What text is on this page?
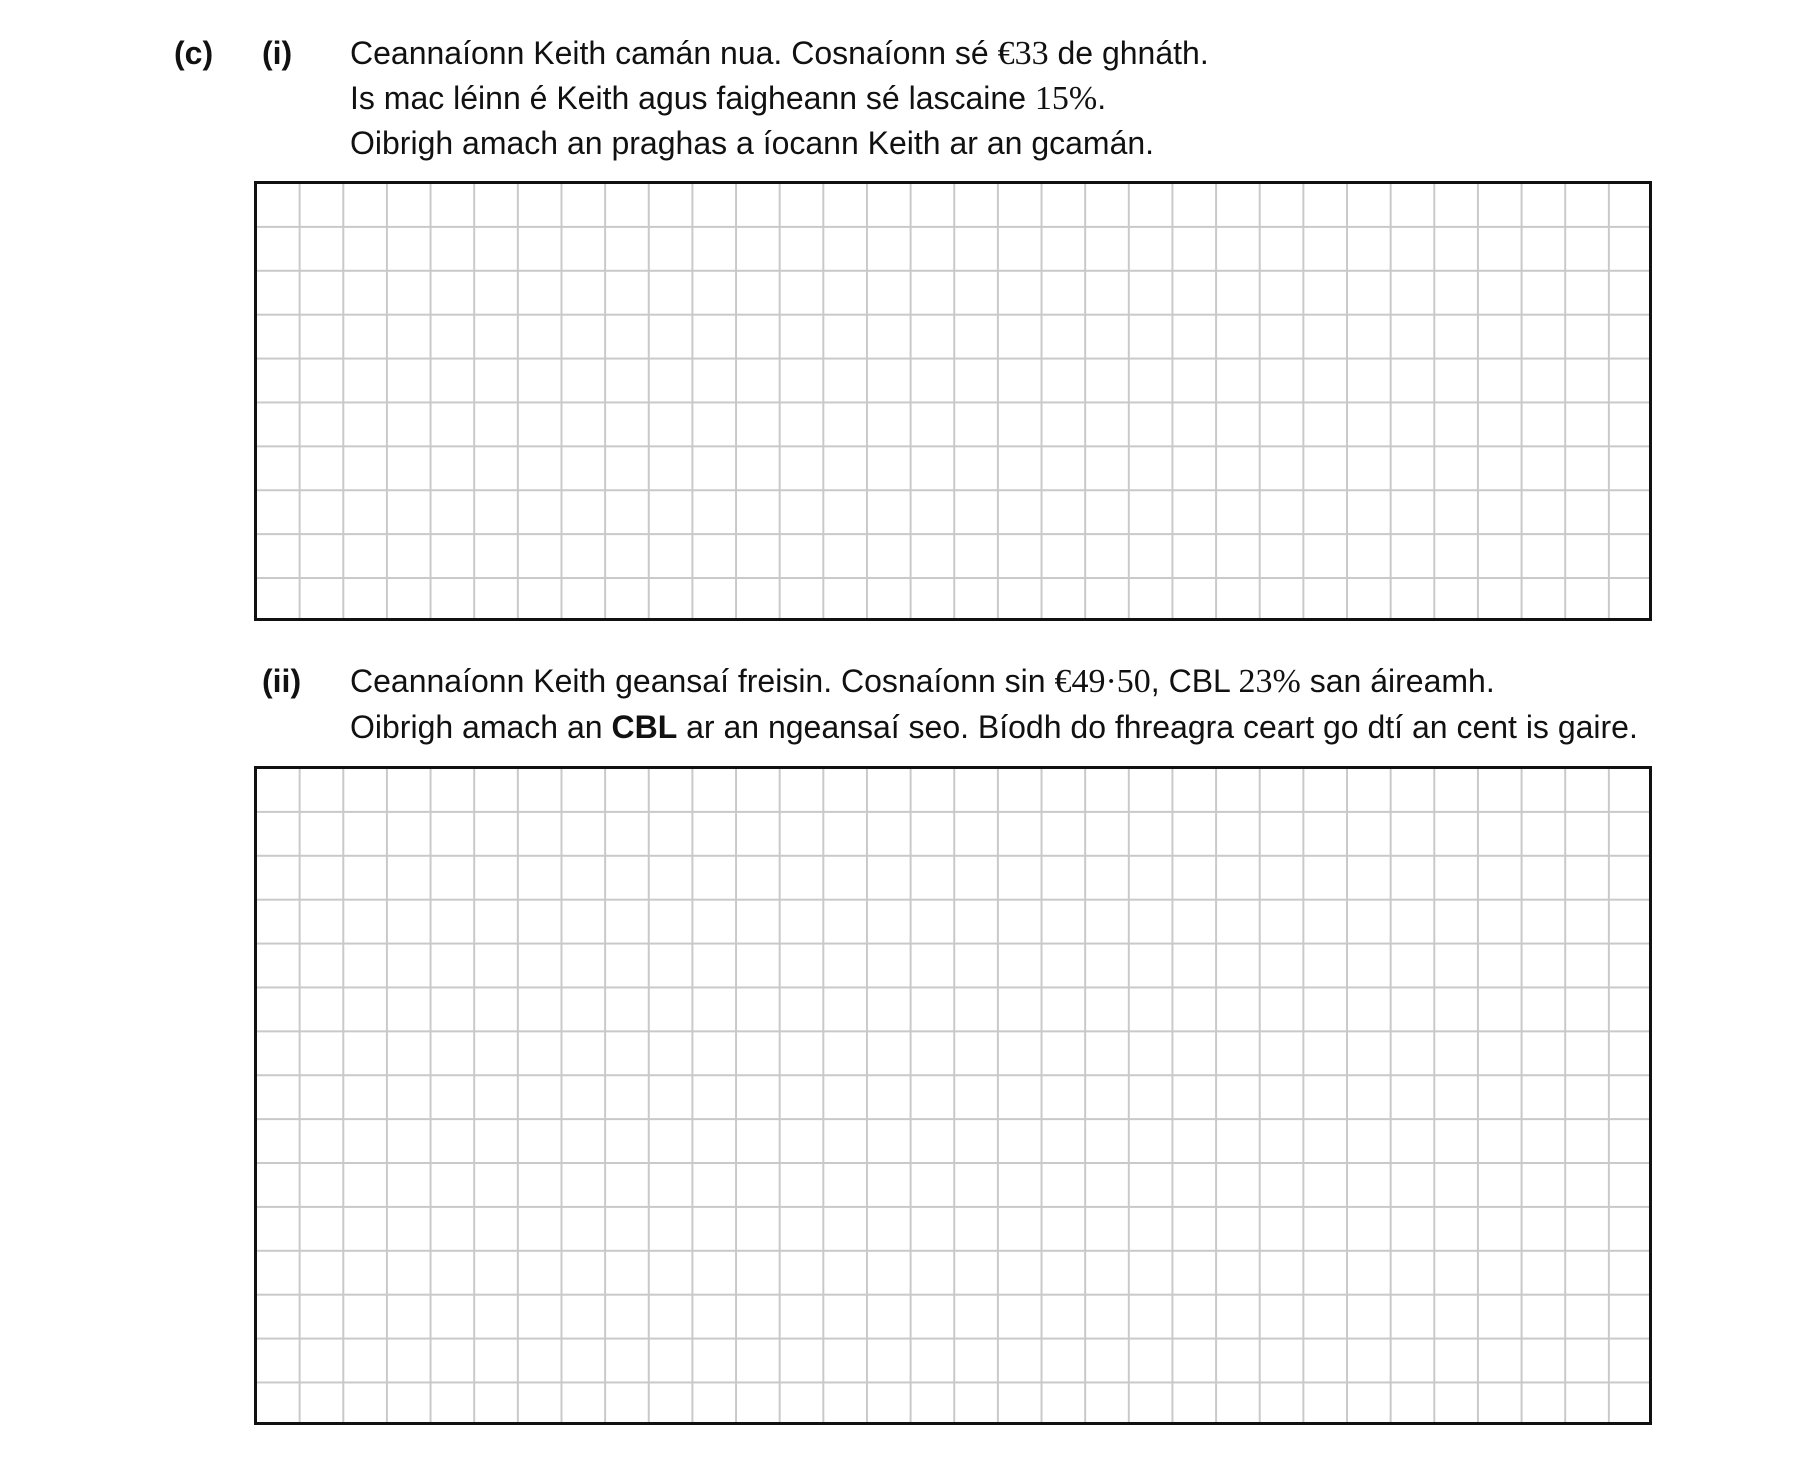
(c) (i) Ceannaíonn Keith camán nua. Cosnaíonn sé €33 de ghnáth.
Is mac léinn é Keith agus faigheann sé lascaine 15%.
Oibrigh amach an praghas a íocann Keith ar an gcamán.
(ii) Ceannaíonn Keith geansaí freisin. Cosnaíonn sin €49·50, CBL 23% san áireamh.
Oibrigh amach an CBL ar an ngeansaí seo. Bíodh do fhreagra ceart go dtí an cent is gaire.
